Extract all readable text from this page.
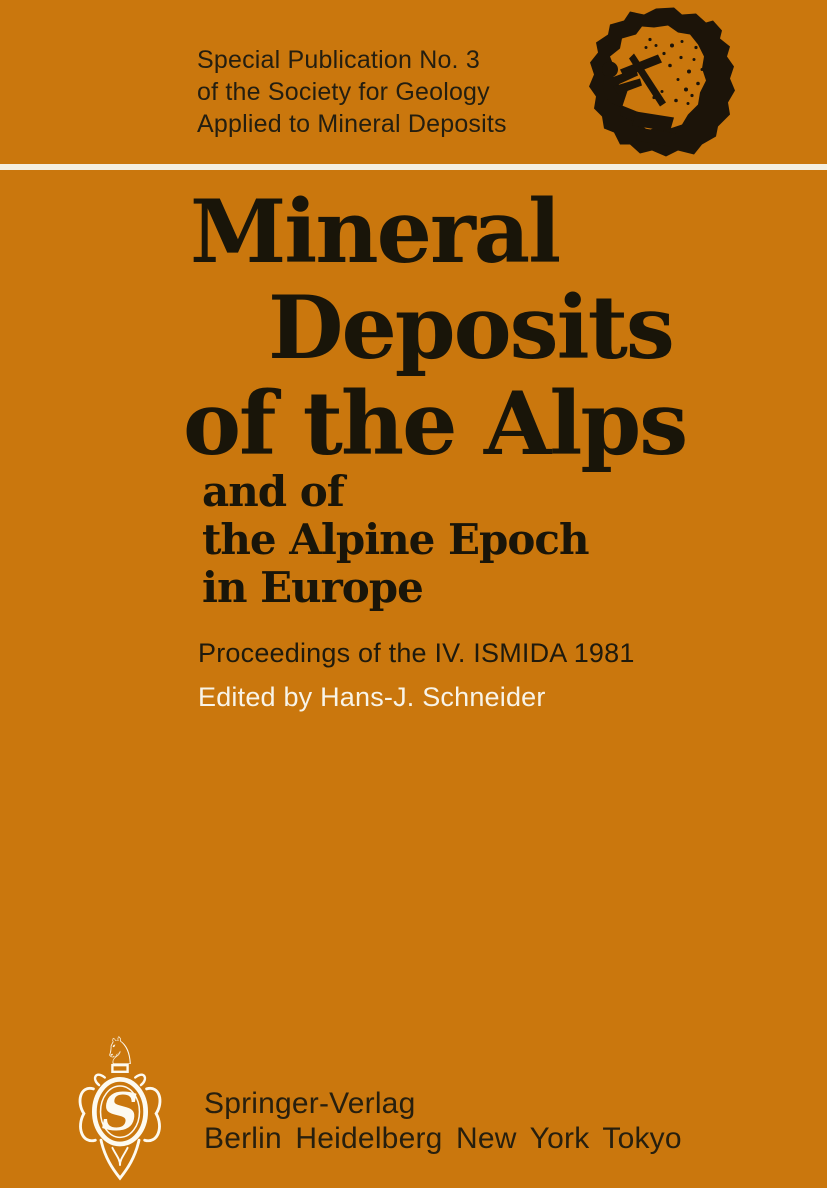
Special Publication No. 3
of the Society for Geology
Applied to Mineral Deposits
Mineral
Deposits
of the Alps
and of
the Alpine Epoch
in Europe

Proceedings of the IV. ISMIDA 1981

Edited by Hans-J. Schneider

♘
S Springer-Verlag
Berlin Heidelberg New York Tokyo
